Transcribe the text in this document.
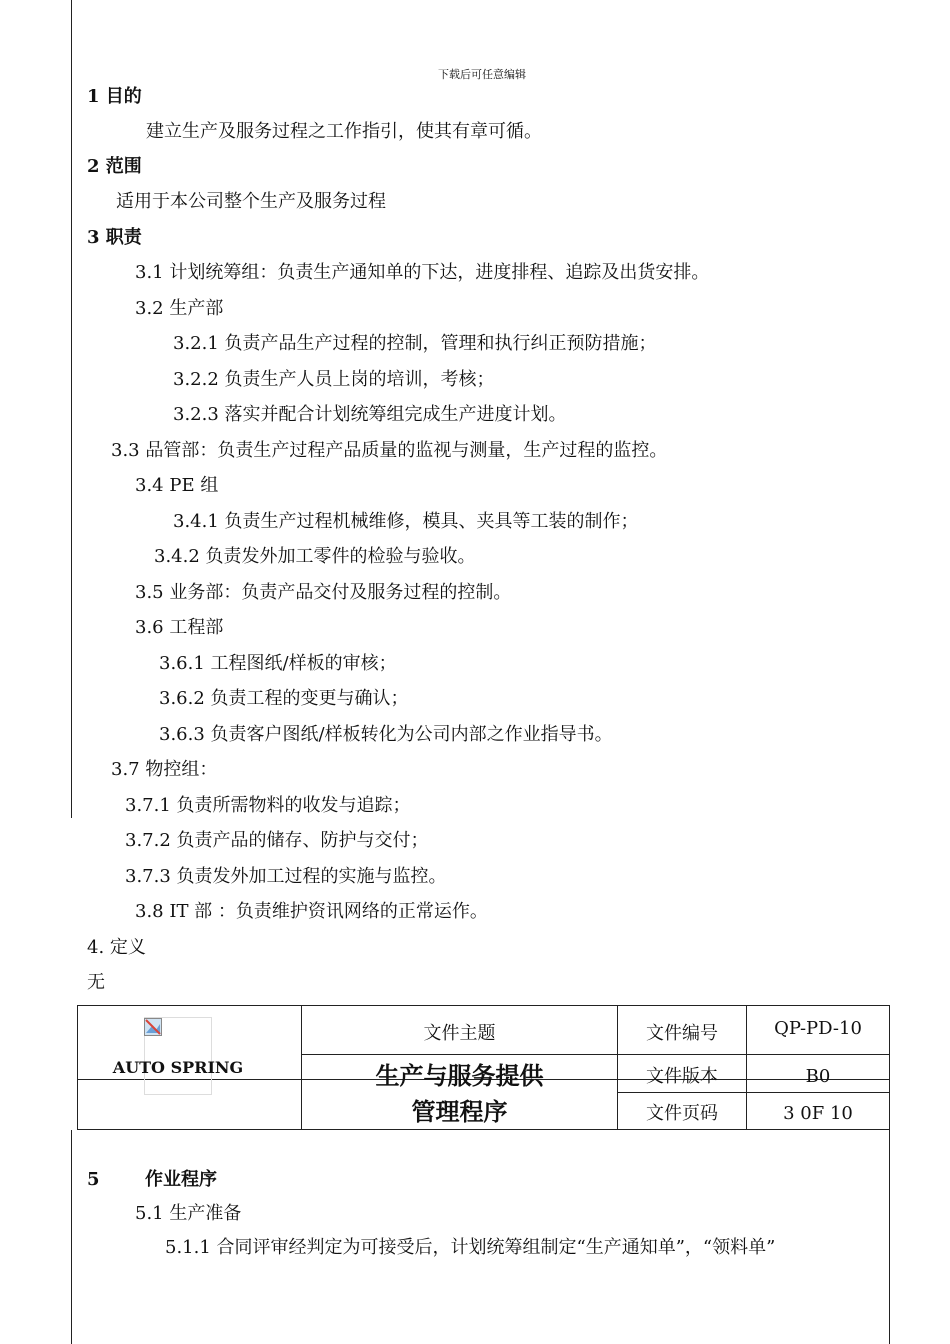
下载后可任意编辑
1 目的
建立生产及服务过程之工作指引，使其有章可循。
2 范围
适用于本公司整个生产及服务过程
3 职责
3.1 计划统筹组：负责生产通知单的下达，进度排程、追踪及出货安排。
3.2 生产部
3.2.1 负责产品生产过程的控制，管理和执行纠正预防措施；
3.2.2 负责生产人员上岗的培训，考核；
3.2.3 落实并配合计划统筹组完成生产进度计划。
3.3 品管部：负责生产过程产品质量的监视与测量，生产过程的监控。
3.4 PE 组
3.4.1 负责生产过程机械维修，模具、夹具等工装的制作；
3.4.2 负责发外加工零件的检验与验收。
3.5 业务部：负责产品交付及服务过程的控制。
3.6 工程部
3.6.1 工程图纸/样板的审核；
3.6.2 负责工程的变更与确认；
3.6.3 负责客户图纸/样板转化为公司内部之作业指导书。
3.7 物控组：
3.7.1 负责所需物料的收发与追踪；
3.7.2 负责产品的储存、防护与交付；
3.7.3 负责发外加工过程的实施与监控。
3.8 IT 部 ：负责维护资讯网络的正常运作。
4. 定义
无
AUTO SPRING
文件主题
生产与服务提供
管理程序
文件编号	QP-PD-10
文件版本	B0
文件页码	3 0F 10
5	作业程序
5.1 生产准备
5.1.1 合同评审经判定为可接受后，计划统筹组制定“生产通知单”，“领料单”
